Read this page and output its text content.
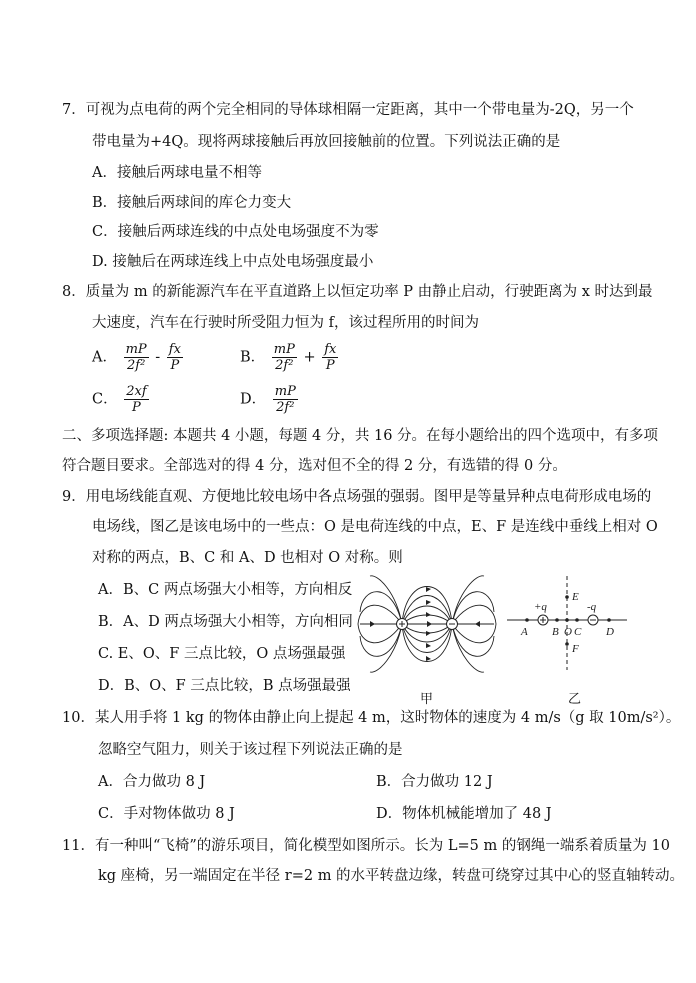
7．可视为点电荷的两个完全相同的导体球相隔一定距离，其中一个带电量为-2Q，另一个
带电量为+4Q。现将两球接触后再放回接触前的位置。下列说法正确的是
A．接触后两球电量不相等
B．接触后两球间的库仑力变大
C．接触后两球连线的中点处电场强度不为零
D. 接触后在两球连线上中点处电场强度最小
8．质量为 m 的新能源汽车在平直道路上以恒定功率 P 由静止启动，行驶距离为 x 时达到最
大速度，汽车在行驶时所受阻力恒为 f，该过程所用的时间为
A． $\frac{mP}{\text{2f²}} - \frac{fx}{P}$	B． $\frac{mP}{\text{2f²}} + \frac{fx}{P}$
C． $\frac{2xf}{P}$	D． $\frac{mP}{\text{2f²}}$
二、多项选择题: 本题共 4 小题，每题 4 分，共 16 分。在每小题给出的四个选项中，有多项
符合题目要求。全部选对的得 4 分，选对但不全的得 2 分，有选错的得 0 分。
9．用电场线能直观、方便地比较电场中各点场强的强弱。图甲是等量异种点电荷形成电场的
电场线，图乙是该电场中的一些点：O 是电荷连线的中点，E、F 是连线中垂线上相对 O
对称的两点，B、C 和 A、D 也相对 O 对称。则
A．B、C 两点场强大小相等，方向相反
B．A、D 两点场强大小相等，方向相同
C. E、O、F 三点比较，O 点场强最强
D．B、O、F 三点比较，B 点场强最强
甲
+q	-q
A B O C D
E
F
乙
10．某人用手将 1 kg 的物体由静止向上提起 4 m，这时物体的速度为 4 m/s（g 取 10m/s²）。
忽略空气阻力，则关于该过程下列说法正确的是
A．合力做功 8 J	B．合力做功 12 J
C．手对物体做功 8 J	D．物体机械能增加了 48 J
11．有一种叫“飞椅”的游乐项目，简化模型如图所示。长为 L=5 m 的钢绳一端系着质量为 10
kg 座椅，另一端固定在半径 r=2 m 的水平转盘边缘，转盘可绕穿过其中心的竖直轴转动。
